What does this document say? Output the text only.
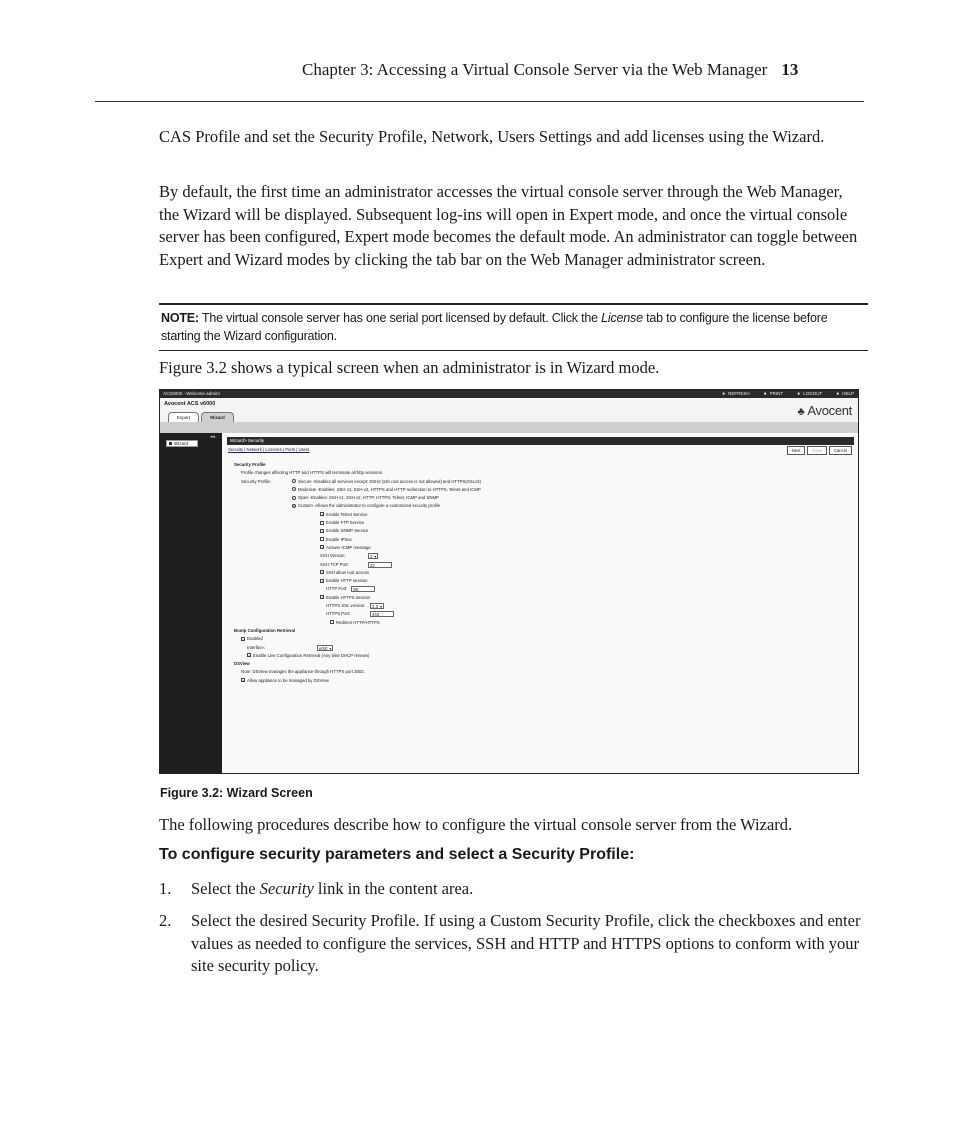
Chapter 3: Accessing a Virtual Console Server via the Web Manager 13
CAS Profile and set the Security Profile, Network, Users Settings and add licenses using the Wizard.
By default, the first time an administrator accesses the virtual console server through the Web Manager, the Wizard will be displayed. Subsequent log-ins will open in Expert mode, and once the virtual console server has been configured, Expert mode becomes the default mode. An administrator can toggle between Expert and Wizard modes by clicking the tab bar on the Web Manager administrator screen.
NOTE: The virtual console server has one serial port licensed by default. Click the License tab to configure the license before starting the Wizard configuration.
Figure 3.2 shows a typical screen when an administrator is in Wizard mode.
ACS6000 - Welcome admin!	● REFRESH	● PRINT	● LOGOUT	● HELP
Avocent ACS v6000
Expert	Wizard	♣ Avocent
◂◂
Wizard
Wizard> Security
Security | Network | Licenses | Ports | Users	Next	Save	Cancel
Security Profile
Profile changes affecting HTTP and HTTPS will terminate all http sessions
Security Profile:	Secure -Disables all services except: SSH2 (ssh root access is not allowed) and HTTPS(SSLv3)
Moderate -Enables: SSH v1, SSH v2, HTTPS and HTTP redirection to HTTPS, Telnet and ICMP
Open -Enables: SSH v1, SSH v2, HTTP, HTTPS, Telnet, ICMP and SNMP
Custom -Allows the administrator to configure a customized security profile
✓ Enable Telnet Service
Enable FTP Service
✓ Enable SNMP Service
Enable IPSec
✓ Answer ICMP message
SSH Version:	2 ▾
SSH TCP Port:	22
✓ SSH allow root access
✓ Enable HTTP session
HTTP Port: 80
✓ Enable HTTPS session
HTTPS SSL version: 2.3 ▾
HTTPS Port:	443
Redirect HTTP/HTTPS
Bootp Configuration Retrieval
✓ Enabled
Interface:	eth0 ▾
✓ Enable Live Configuration Retrieval (Any time DHCP renews)
DSView
Note: DSView manages the appliance through HTTPS port 3502.
✓ Allow appliance to be managed by DSView
Figure 3.2: Wizard Screen
The following procedures describe how to configure the virtual console server from the Wizard.
To configure security parameters and select a Security Profile:
1. Select the Security link in the content area.
2. Select the desired Security Profile. If using a Custom Security Profile, click the checkboxes and enter values as needed to configure the services, SSH and HTTP and HTTPS options to conform with your site security policy.
